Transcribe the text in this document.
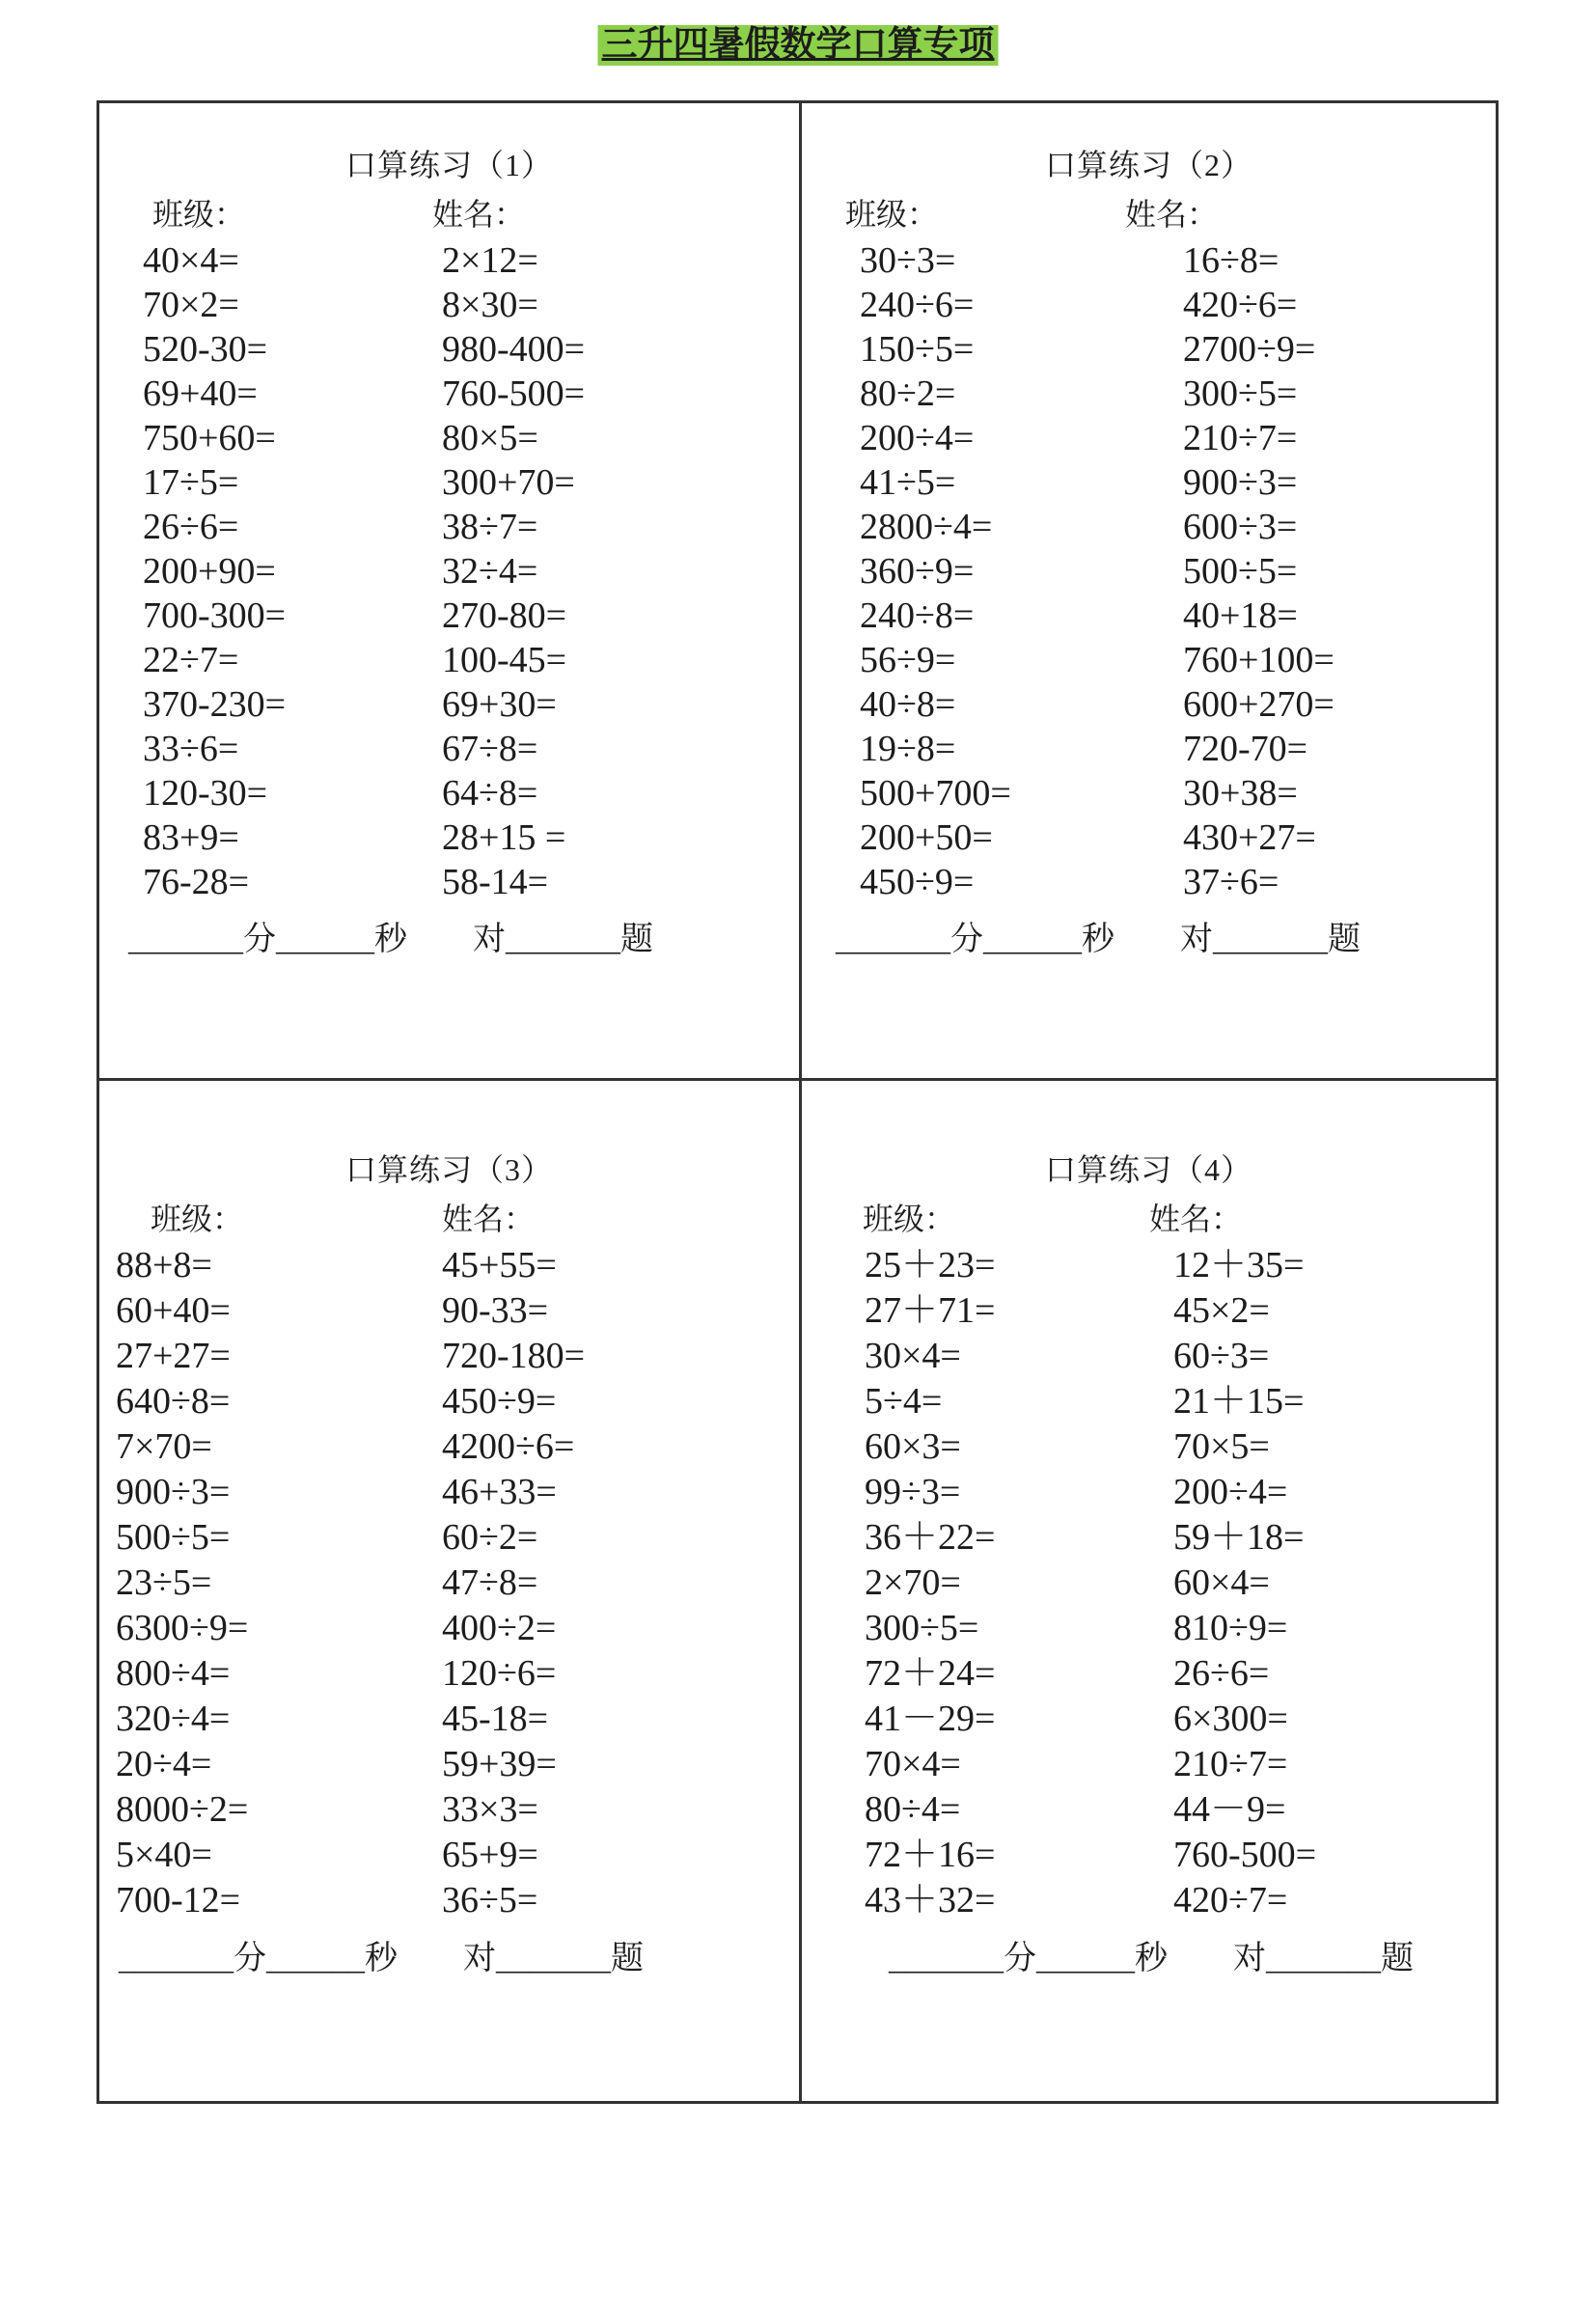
三升四暑假数学口算专项
口算练习（1）
班级：	姓名：
40×4=	2×12=
70×2=	8×30=
520-30=	980-400=
69+40=	760-500=
750+60=	80×5=
17÷5=	300+70=
26÷6=	38÷7=
200+90=	32÷4=
700-300=	270-80=
22÷7=	100-45=
370-230=	69+30=
33÷6=	67÷8=
120-30=	64÷8=
83+9=	28+15 =
76-28=	58-14=
_______分______秒　　对_______题
口算练习（2）
班级：	姓名：
30÷3=	16÷8=
240÷6=	420÷6=
150÷5=	2700÷9=
80÷2=	300÷5=
200÷4=	210÷7=
41÷5=	900÷3=
2800÷4=	600÷3=
360÷9=	500÷5=
240÷8=	40+18=
56÷9=	760+100=
40÷8=	600+270=
19÷8=	720-70=
500+700=	30+38=
200+50=	430+27=
450÷9=	37÷6=
_______分______秒　　对_______题
口算练习（3）
班级：	姓名：
88+8=	45+55=
60+40=	90-33=
27+27=	720-180=
640÷8=	450÷9=
7×70=	4200÷6=
900÷3=	46+33=
500÷5=	60÷2=
23÷5=	47÷8=
6300÷9=	400÷2=
800÷4=	120÷6=
320÷4=	45-18=
20÷4=	59+39=
8000÷2=	33×3=
5×40=	65+9=
700-12=	36÷5=
_______分______秒　　对_______题
口算练习（4）
班级：	姓名：
25＋23=	12＋35=
27＋71=	45×2=
30×4=	60÷3=
5÷4=	21＋15=
60×3=	70×5=
99÷3=	200÷4=
36＋22=	59＋18=
2×70=	60×4=
300÷5=	810÷9=
72＋24=	26÷6=
41－29=	6×300=
70×4=	210÷7=
80÷4=	44－9=
72＋16=	760-500=
43＋32=	420÷7=
_______分______秒　　对_______题
